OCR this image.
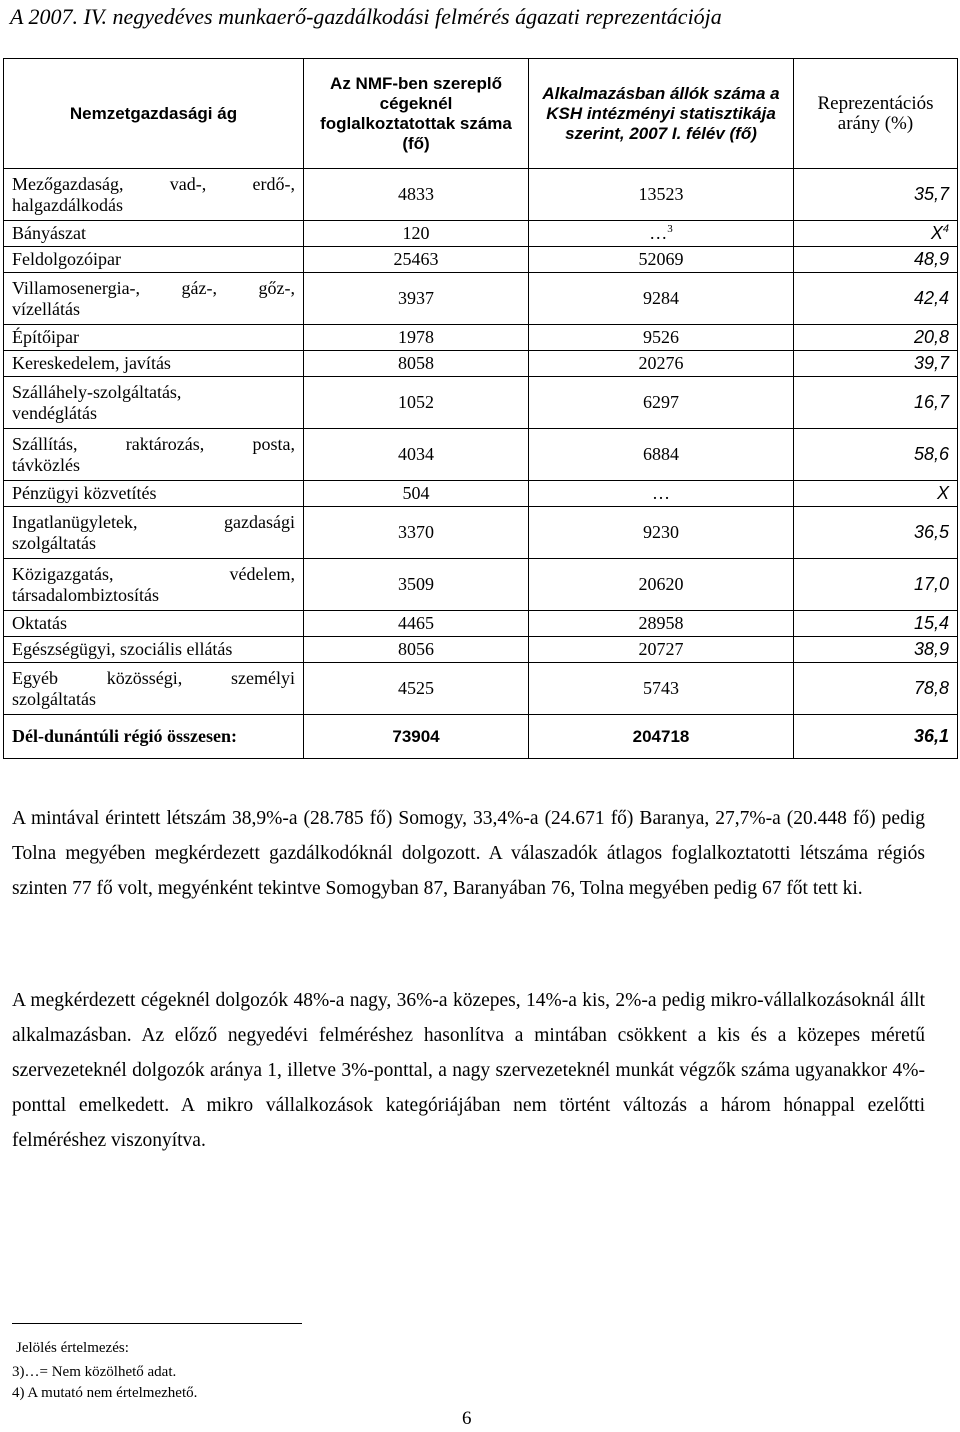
A 2007. IV. negyedéves munkaerő-gazdálkodási felmérés ágazati reprezentációja
Nemzetgazdasági ág	Az NMF-ben szereplő cégeknél foglalkoztatottak száma (fő)	Alkalmazásban állók száma a KSH intézményi statisztikája szerint, 2007 I. félév (fő)	Reprezentációs arány (%)
Mezőgazdaság, vad-, erdő-,
halgazdálkodás	4833	13523	35,7
Bányászat	120	…$^3$	$X^4$
Feldolgozóipar	25463	52069	48,9
Villamosenergia-, gáz-, gőz-,
vízellátás	3937	9284	42,4
Építőipar	1978	9526	20,8
Kereskedelem, javítás	8058	20276	39,7
Szálláhely-szolgáltatás,
vendéglátás	1052	6297	16,7
Szállítás, raktározás, posta,
távközlés	4034	6884	58,6
Pénzügyi közvetítés	504	…	X
Ingatlanügyletek, gazdasági
szolgáltatás	3370	9230	36,5
Közigazgatás, védelem,
társadalombiztosítás	3509	20620	17,0
Oktatás	4465	28958	15,4
Egészségügyi, szociális ellátás	8056	20727	38,9
Egyéb közösségi, személyi
szolgáltatás	4525	5743	78,8
Dél-dunántúli régió összesen:	73904	204718	36,1
A mintával érintett létszám 38,9%-a (28.785 fő) Somogy, 33,4%-a (24.671 fő) Baranya, 27,7%-a (20.448 fő) pedig Tolna megyében megkérdezett gazdálkodóknál dolgozott. A válaszadók átlagos foglalkoztatotti létszáma régiós szinten 77 fő volt, megyénként tekintve Somogyban 87, Baranyában 76, Tolna megyében pedig 67 főt tett ki.
A megkérdezett cégeknél dolgozók 48%-a nagy, 36%-a közepes, 14%-a kis, 2%-a pedig mikro-vállalkozásoknál állt alkalmazásban. Az előző negyedévi felméréshez hasonlítva a mintában csökkent a kis és a közepes méretű szervezeteknél dolgozók aránya 1, illetve 3%-ponttal, a nagy szervezeteknél munkát végzők száma ugyanakkor 4%-ponttal emelkedett. A mikro vállalkozások kategóriájában nem történt változás a három hónappal ezelőtti felméréshez viszonyítva.
Jelölés értelmezés:
3)…= Nem közölhető adat.
4) A mutató nem értelmezhető.
6
